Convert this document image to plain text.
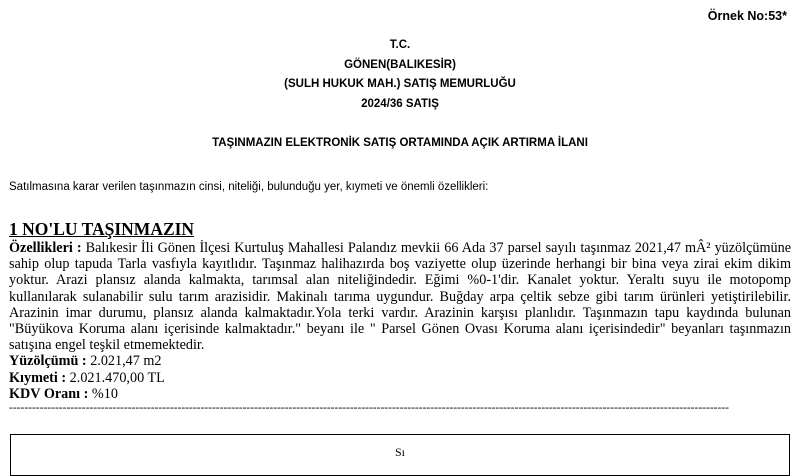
Örnek No:53*
T.C.
GÖNEN(BALIKESİR)
(SULH HUKUK MAH.) SATIŞ MEMURLUĞU
2024/36 SATIŞ
TAŞINMAZIN ELEKTRONİK SATIŞ ORTAMINDA AÇIK ARTIRMA İLANI
Satılmasına karar verilen taşınmazın cinsi, niteliği, bulunduğu yer, kıymeti ve önemli özellikleri:
1 NO'LU TAŞINMAZIN

Özellikleri : Balıkesir İli Gönen İlçesi Kurtuluş Mahallesi Palandız mevkii 66 Ada 37 parsel sayılı taşınmaz 2021,47 mÂ² yüzölçümüne sahip olup tapuda Tarla vasfıyla kayıtlıdır. Taşınmaz halihazırda boş vaziyette olup üzerinde herhangi bir bina veya zirai ekim dikim yoktur. Arazi plansız alanda kalmakta, tarımsal alan niteliğindedir. Eğimi %0-1'dir. Kanalet yoktur. Yeraltı suyu ile motopomp kullanılarak sulanabilir sulu tarım arazisidir. Makinalı tarıma uygundur. Buğday arpa çeltik sebze gibi tarım ürünleri yetiştirilebilir. Arazinin imar durumu, plansız alanda kalmaktadır.Yola terki vardır. Arazinin karşısı planlıdır. Taşınmazın tapu kaydında bulunan "Büyükova Koruma alanı içerisinde kalmaktadır." beyanı ile " Parsel Gönen Ovası Koruma alanı içerisindedir" beyanları taşınmazın satışına engel teşkil etmemektedir.

Yüzölçümü : 2.021,47 m2

Kıymeti : 2.021.470,00 TL

KDV Oranı : %10

--------------------------------------------------------------------------------------------------------------------------------------------------------------------------------------------

Sı
